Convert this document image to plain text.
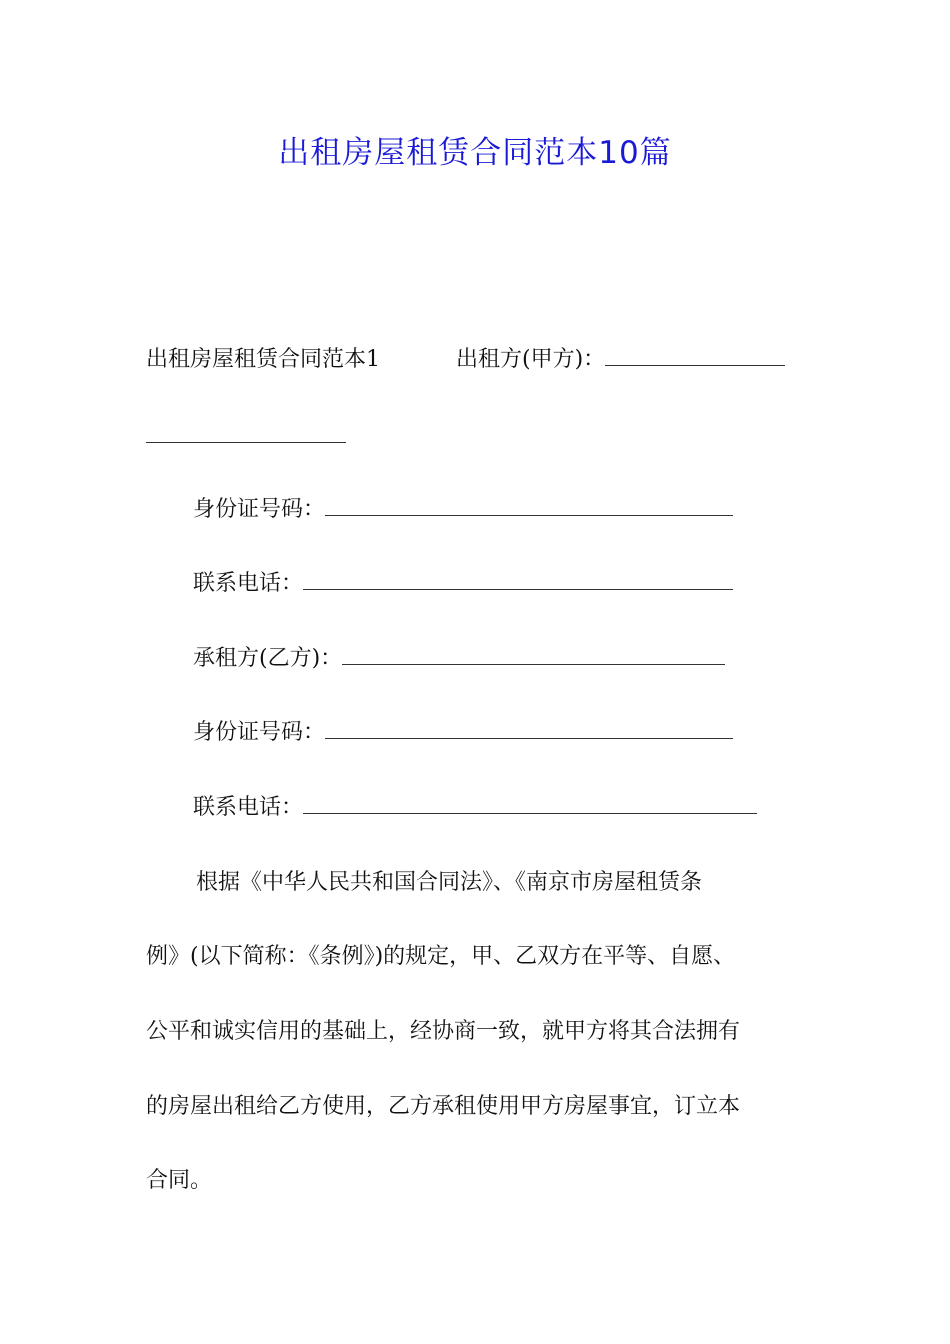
出租房屋租赁合同范本10篇
出租房屋租赁合同范本1	出租方(甲方)：
身份证号码：
联系电话：
承租方(乙方)：
身份证号码：
联系电话：
根据《中华人民共和国合同法》、《南京市房屋租赁条
例》(以下简称：《条例》)的规定，甲、乙双方在平等、自愿、
公平和诚实信用的基础上，经协商一致，就甲方将其合法拥有
的房屋出租给乙方使用，乙方承租使用甲方房屋事宜，订立本
合同。
